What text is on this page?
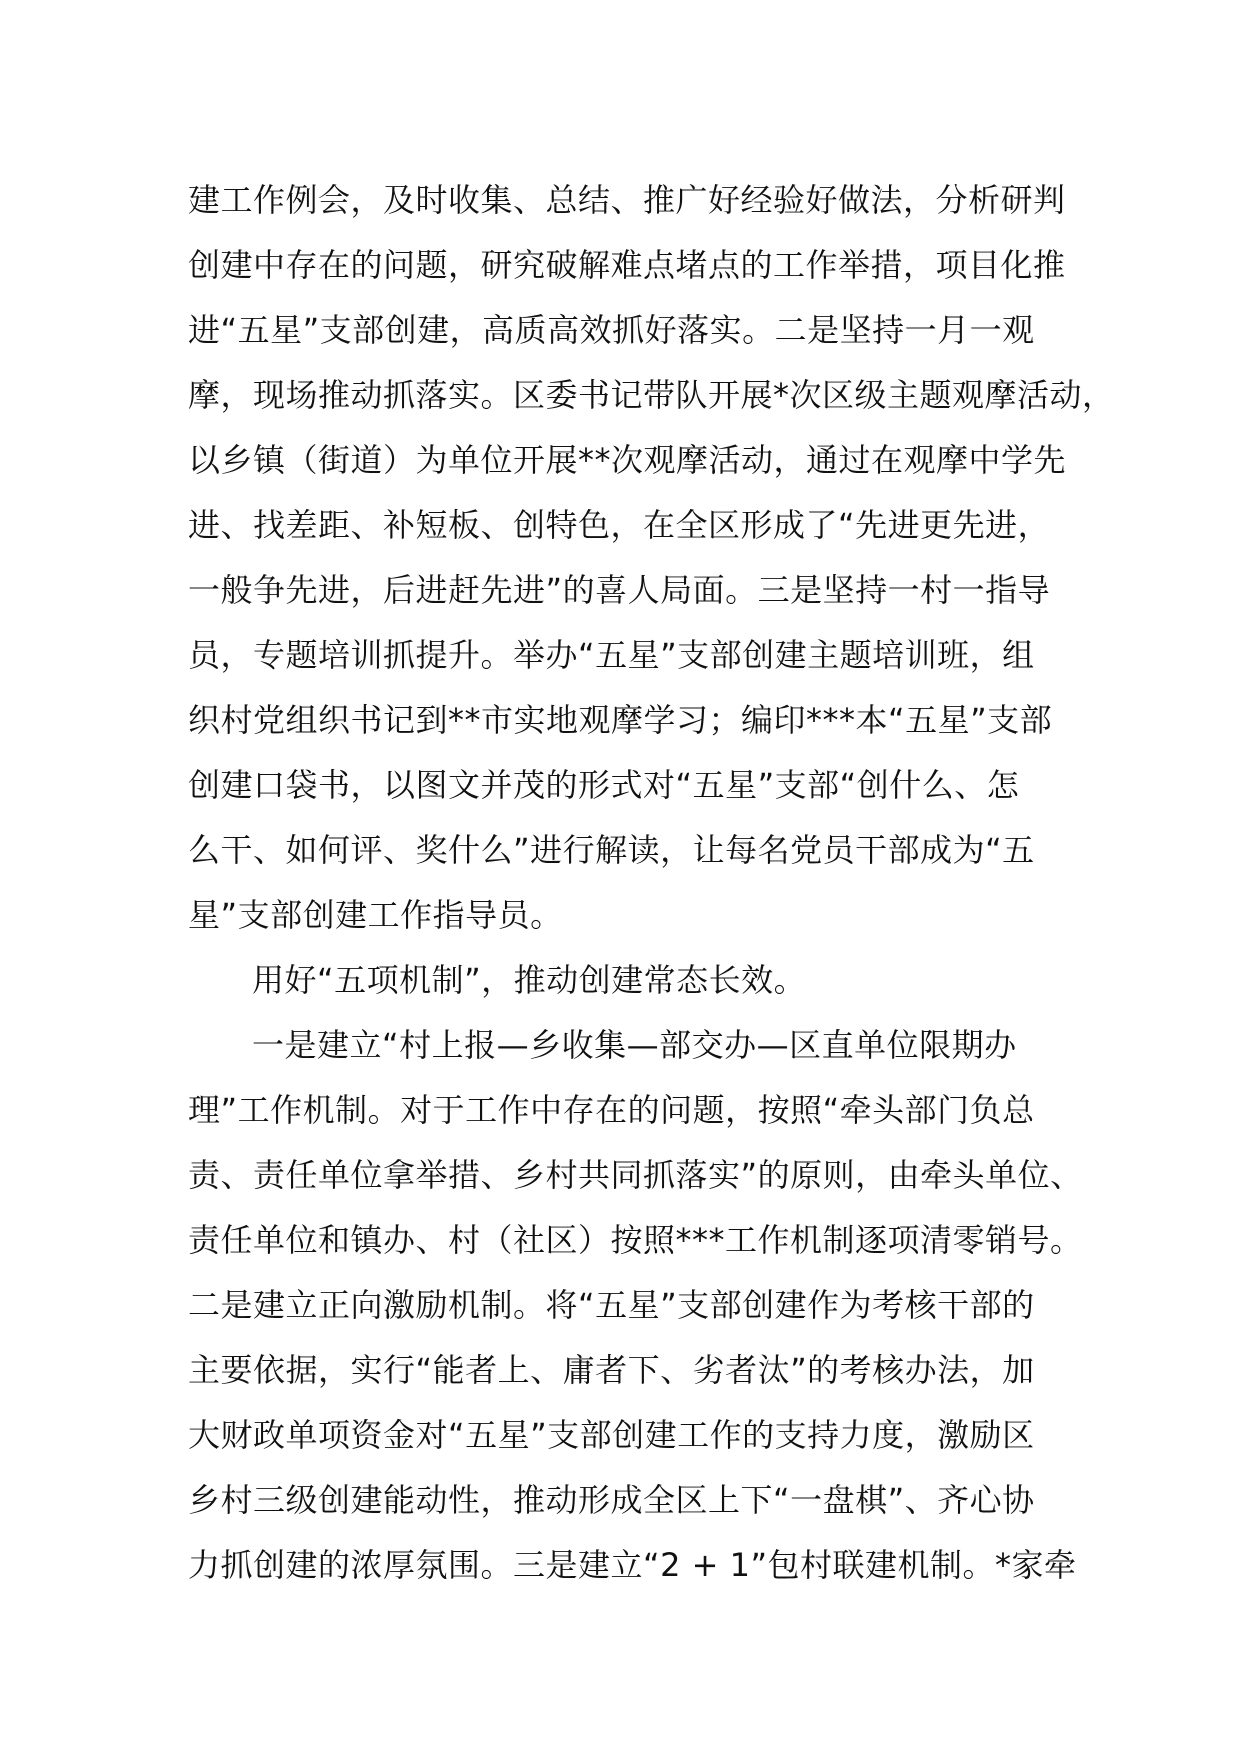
建工作例会，及时收集、总结、推广好经验好做法，分析研判
创建中存在的问题，研究破解难点堵点的工作举措，项目化推
进“五星”支部创建，高质高效抓好落实。二是坚持一月一观
摩，现场推动抓落实。区委书记带队开展*次区级主题观摩活动，
以乡镇（街道）为单位开展**次观摩活动，通过在观摩中学先
进、找差距、补短板、创特色，在全区形成了“先进更先进，
一般争先进，后进赶先进”的喜人局面。三是坚持一村一指导
员，专题培训抓提升。举办“五星”支部创建主题培训班，组
织村党组织书记到**市实地观摩学习；编印***本“五星”支部
创建口袋书，以图文并茂的形式对“五星”支部“创什么、怎
么干、如何评、奖什么”进行解读，让每名党员干部成为“五
星”支部创建工作指导员。
用好“五项机制”，推动创建常态长效。
一是建立“村上报—乡收集—部交办—区直单位限期办
理”工作机制。对于工作中存在的问题，按照“牵头部门负总
责、责任单位拿举措、乡村共同抓落实”的原则，由牵头单位、
责任单位和镇办、村（社区）按照***工作机制逐项清零销号。
二是建立正向激励机制。将“五星”支部创建作为考核干部的
主要依据，实行“能者上、庸者下、劣者汰”的考核办法，加
大财政单项资金对“五星”支部创建工作的支持力度，激励区
乡村三级创建能动性，推动形成全区上下“一盘棋”、齐心协
力抓创建的浓厚氛围。三是建立“2 + 1”包村联建机制。*家牵
